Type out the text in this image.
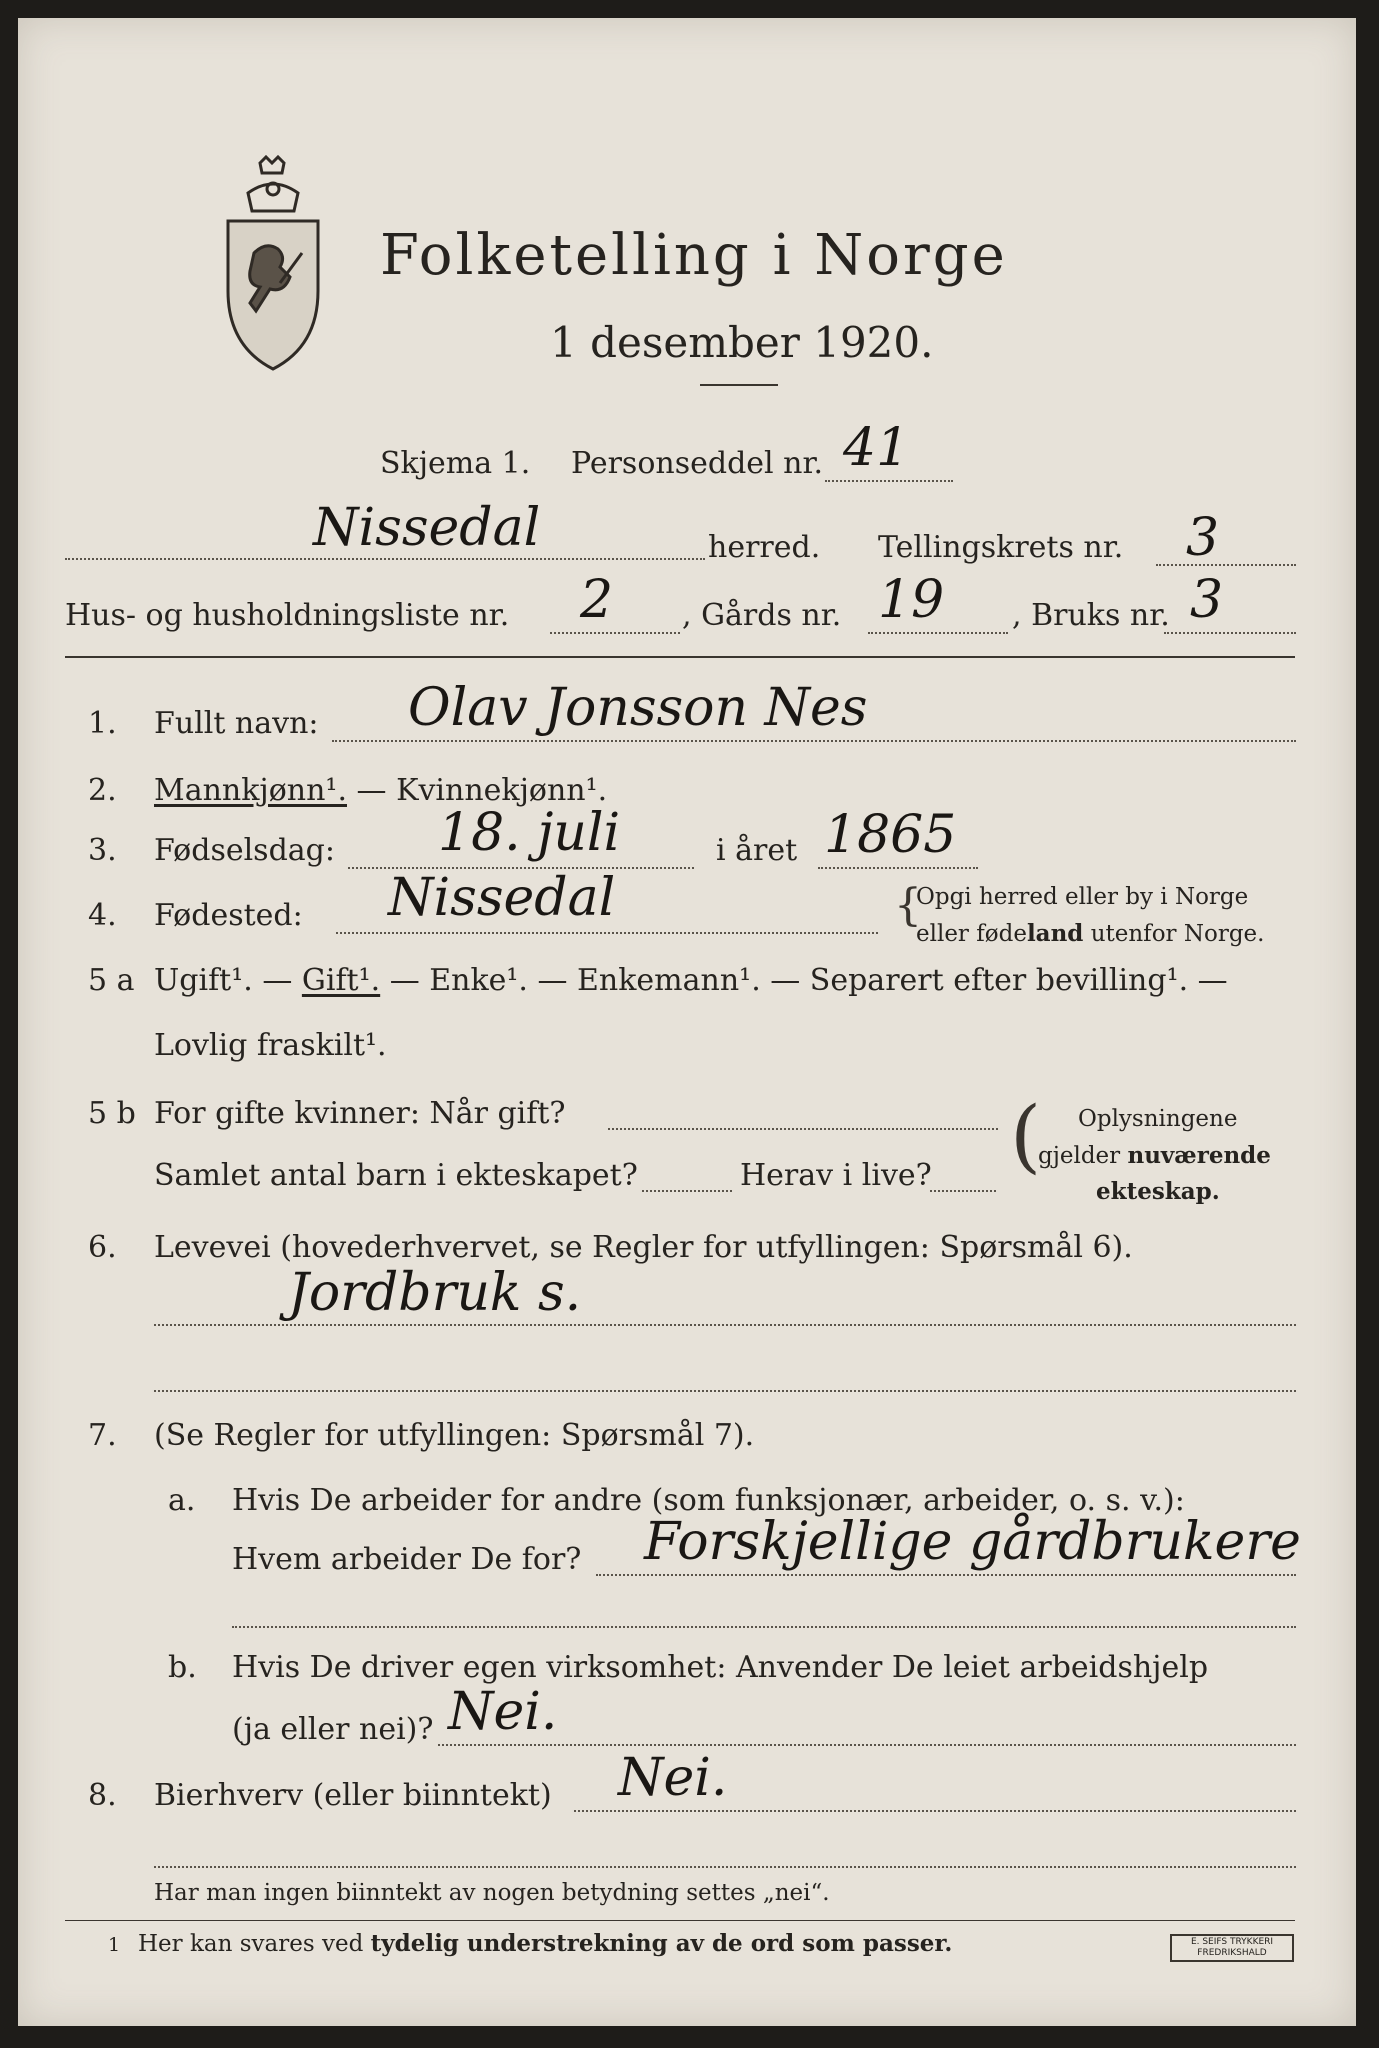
Folketelling i Norge
1 desember 1920.
Skjema 1. Personseddel nr. 41
Nissedal	herred. Tellingskrets nr. 3
Hus- og husholdningsliste nr. 2 , Gårds nr. 19 , Bruks nr. 3
1. Fullt navn: Olav Jonsson Nes
2. Mannkjønn¹. — Kvinnekjønn¹.
3. Fødselsdag: 18. juli	i året 1865
4. Fødested: Nissedal	{
Opgi herred eller by i Norge
eller fødeland utenfor Norge.
5 a Ugift¹. — Gift¹. — Enke¹. — Enkemann¹. — Separert efter bevilling¹. —
Lovlig fraskilt¹.
5 b For gifte kvinner: Når gift?
Samlet antal barn i ekteskapet?	Herav i live? ( Oplysningene
gjelder nuværende
ekteskap.
6. Levevei (hovederhvervet, se Regler for utfyllingen: Spørsmål 6).
Jordbruk s.
7. (Se Regler for utfyllingen: Spørsmål 7).
a. Hvis De arbeider for andre (som funksjonær, arbeider, o. s. v.):
Hvem arbeider De for? Forskjellige gårdbrukere
b. Hvis De driver egen virksomhet: Anvender De leiet arbeidshjelp
(ja eller nei)? Nei.
8. Bierhverv (eller biinntekt) Nei.
Har man ingen biinntekt av nogen betydning settes „nei“.
1 Her kan svares ved tydelig understrekning av de ord som passer.	E. SEIFS TRYKKERI
FREDRIKSHALD
